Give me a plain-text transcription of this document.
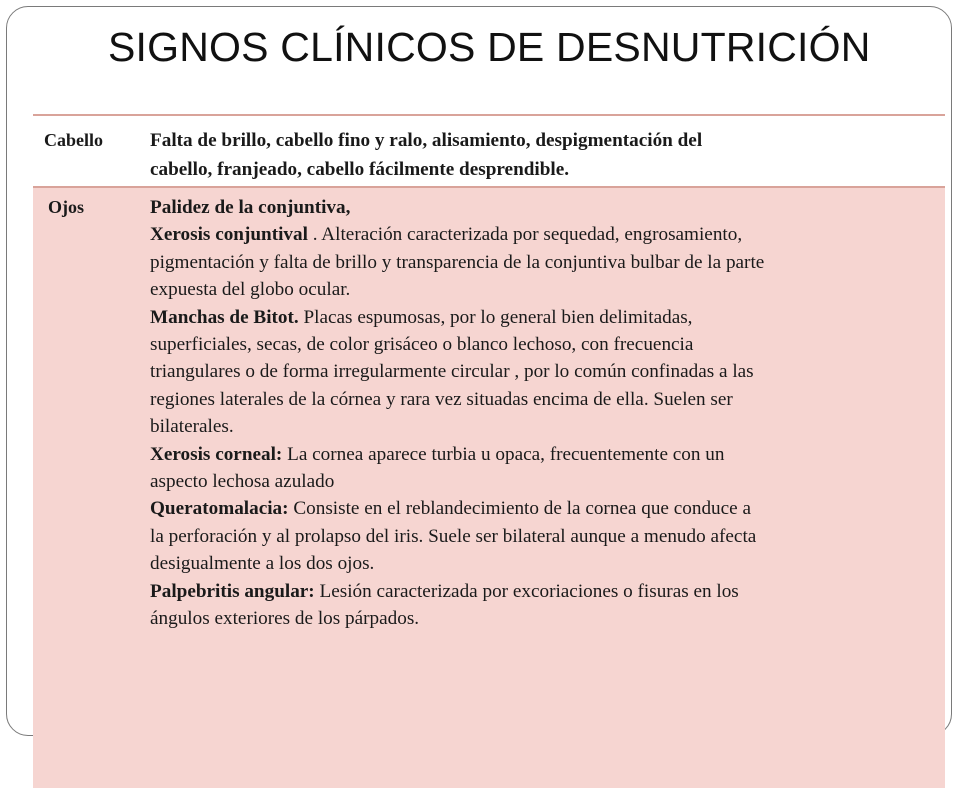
SIGNOS CLÍNICOS DE DESNUTRICIÓN
Cabello	Falta de brillo, cabello fino y ralo, alisamiento, despigmentación del
cabello, franjeado, cabello fácilmente desprendible.
Ojos	Palidez de la conjuntiva,
Xerosis conjuntival . Alteración caracterizada por sequedad, engrosamiento,
pigmentación y falta de brillo y transparencia de la conjuntiva bulbar de la parte
expuesta del globo ocular.
Manchas de Bitot. Placas espumosas, por lo general bien delimitadas,
superficiales, secas, de color grisáceo o blanco lechoso, con frecuencia
triangulares o de forma irregularmente circular , por lo común confinadas a las
regiones laterales de la córnea y rara vez situadas encima de ella. Suelen ser
bilaterales.
Xerosis corneal: La cornea aparece turbia u opaca, frecuentemente con un
aspecto lechosa azulado
Queratomalacia: Consiste en el reblandecimiento de la cornea que conduce a
la perforación y al prolapso del iris. Suele ser bilateral aunque a menudo afecta
desigualmente a los dos ojos.
Palpebritis angular: Lesión caracterizada por excoriaciones o fisuras en los
ángulos exteriores de los párpados.
